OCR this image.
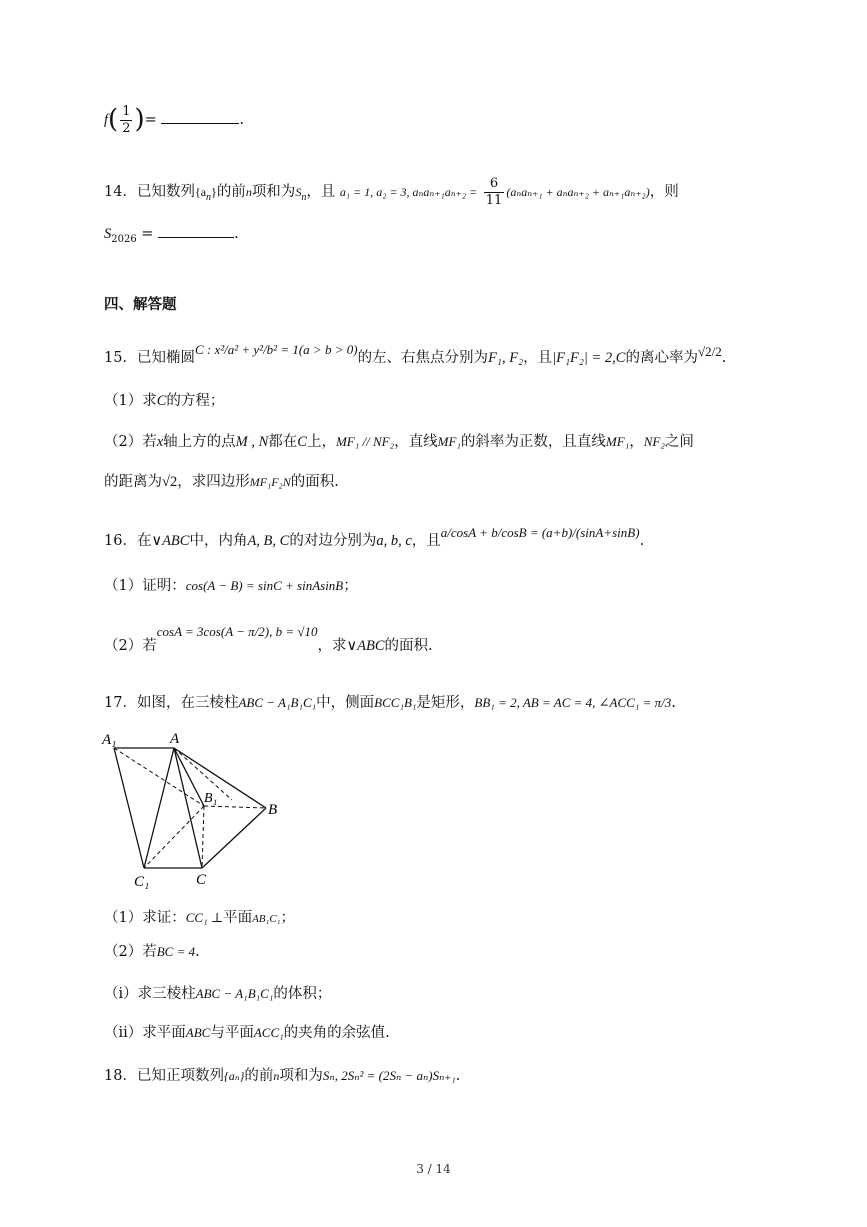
$f( \frac{1}{2}$ )=	.
14．已知数列$\{a_n\}$的前n项和为$S_n$，且 a₁ = 1, a₂ = 3, $a_na_{n+1}a_{n+2} = \frac{6}{11} (a_na_{n+1} + a_na_{n+2} + a_{n+1}a_{n+2})$，则
$S_{2026}$ =	.
四、解答题
15．已知椭圆C : x²/a² + y²/b² = 1(a > b > 0)的左、右焦点分别为F₁, F₂，且|F₁F₂| = 2,C的离心率为√2/2.
（1）求C的方程；
（2）若x轴上方的点M , N都在C上，MF₁ // NF₂，直线MF₁的斜率为正数，且直线MF₁，NF₂之间
的距离为√2，求四边形MF₁F₂N的面积.
16．在∨ABC中，内角A, B, C的对边分别为a, b, c，且a/cosA + b/cosB = (a+b)/(sinA+sinB).
（1）证明：cos(A − B) = sinC + sinAsinB；
（2）若cosA = 3cos(A − π/2), b = √10，求∨ABC的面积.
17．如图，在三棱柱ABC − A₁B₁C₁中，侧面BCC₁B₁是矩形，BB₁ = 2, AB = AC = 4, ∠ACC₁ = π/3.
A₁	A
B₁
B
C₁	C
（1）求证：CC₁ ⊥平面AB₁C₁；
（2）若BC = 4.
（i）求三棱柱ABC − A₁B₁C₁的体积；
（ii）求平面ABC与平面ACC₁的夹角的余弦值.
18．已知正项数列{aₙ}的前n项和为Sₙ, 2Sₙ² = (2Sₙ − aₙ)Sₙ₊₁.
3 / 14
